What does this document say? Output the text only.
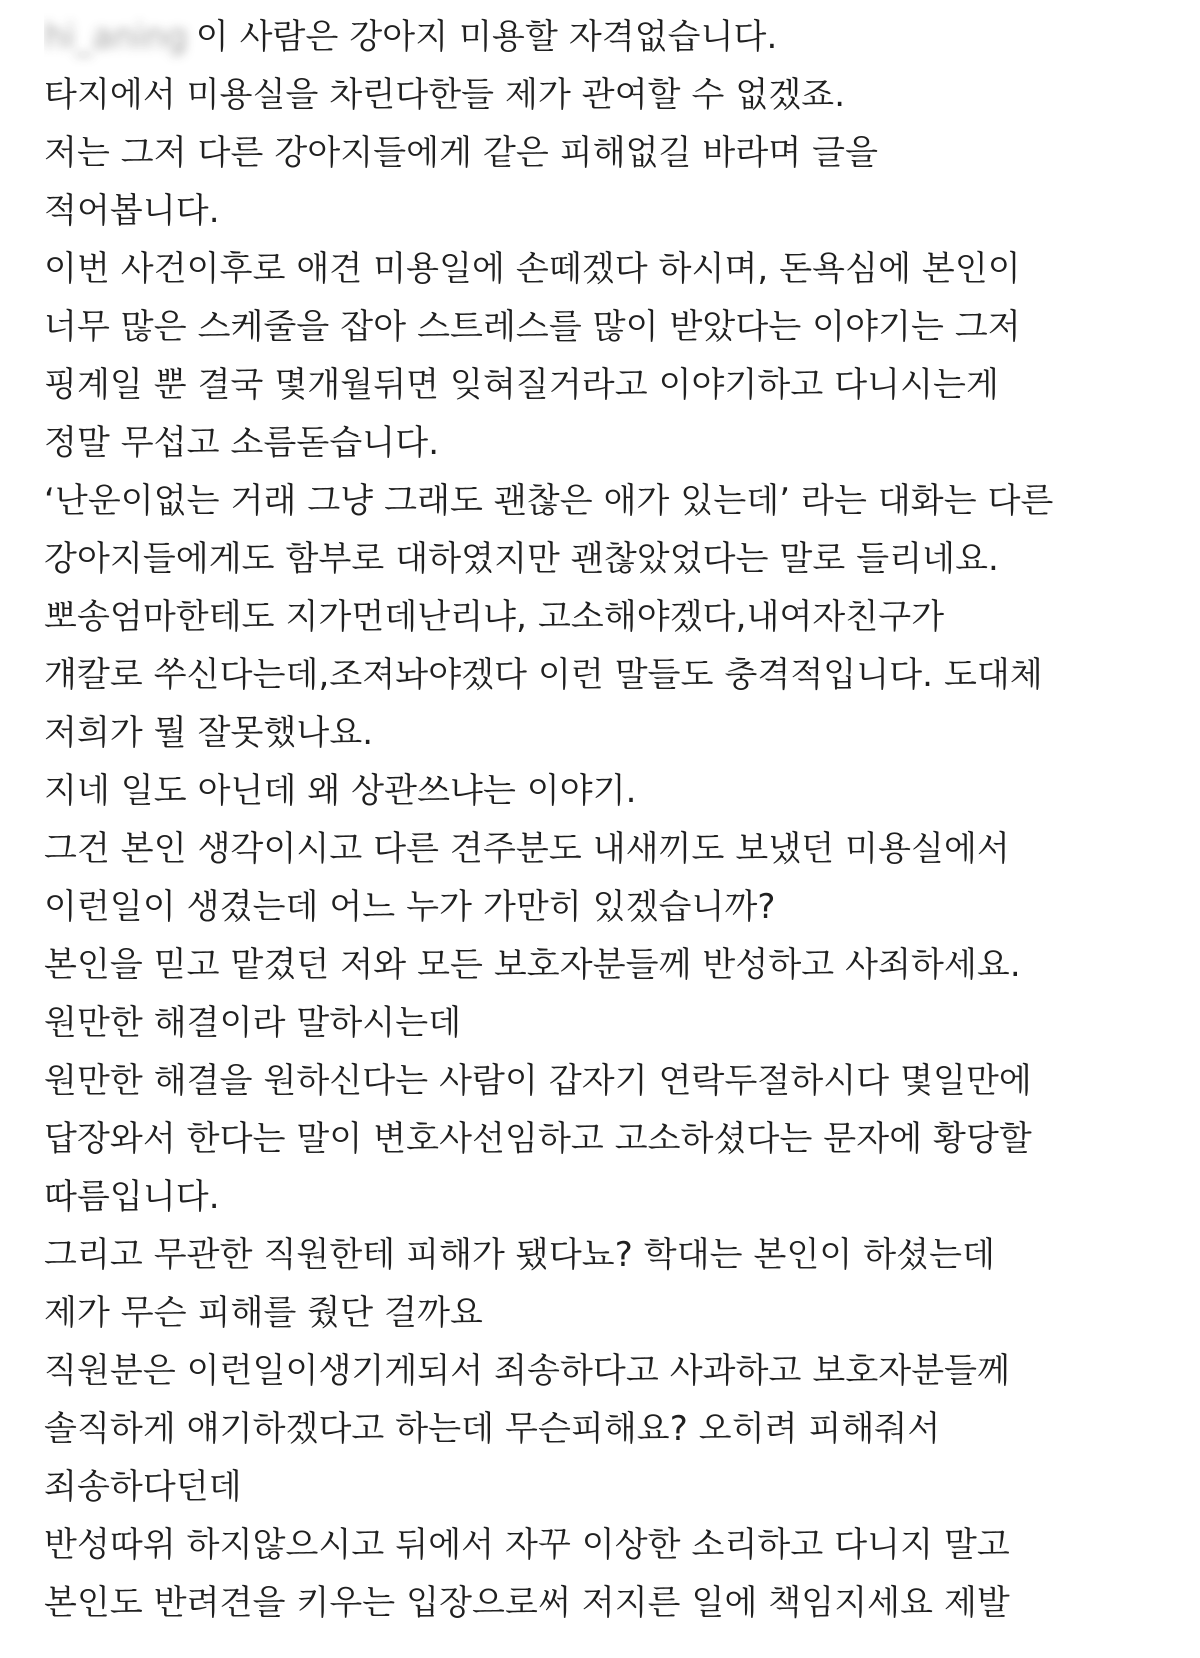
hi_aning 이 사람은 강아지 미용할 자격없습니다.
타지에서 미용실을 차린다한들 제가 관여할 수 없겠죠.
저는 그저 다른 강아지들에게 같은 피해없길 바라며 글을
적어봅니다.
이번 사건이후로 애견 미용일에 손떼겠다 하시며, 돈욕심에 본인이
너무 많은 스케줄을 잡아 스트레스를 많이 받았다는 이야기는 그저
핑계일 뿐 결국 몇개월뒤면 잊혀질거라고 이야기하고 다니시는게
정말 무섭고 소름돋습니다.
‘난운이없는 거래 그냥 그래도 괜찮은 애가 있는데’ 라는 대화는 다른
강아지들에게도 함부로 대하였지만 괜찮았었다는 말로 들리네요.
뽀송엄마한테도 지가먼데난리냐, 고소해야겠다,내여자친구가
걔칼로 쑤신다는데,조져놔야겠다 이런 말들도 충격적입니다. 도대체
저희가 뭘 잘못했나요.
지네 일도 아닌데 왜 상관쓰냐는 이야기.
그건 본인 생각이시고 다른 견주분도 내새끼도 보냈던 미용실에서
이런일이 생겼는데 어느 누가 가만히 있겠습니까?
본인을 믿고 맡겼던 저와 모든 보호자분들께 반성하고 사죄하세요.
원만한 해결이라 말하시는데
원만한 해결을 원하신다는 사람이 갑자기 연락두절하시다 몇일만에
답장와서 한다는 말이 변호사선임하고 고소하셨다는 문자에 황당할
따름입니다.
그리고 무관한 직원한테 피해가 됐다뇨? 학대는 본인이 하셨는데
제가 무슨 피해를 줬단 걸까요
직원분은 이런일이생기게되서 죄송하다고 사과하고 보호자분들께
솔직하게 얘기하겠다고 하는데 무슨피해요? 오히려 피해줘서
죄송하다던데
반성따위 하지않으시고 뒤에서 자꾸 이상한 소리하고 다니지 말고
본인도 반려견을 키우는 입장으로써 저지른 일에 책임지세요 제발
